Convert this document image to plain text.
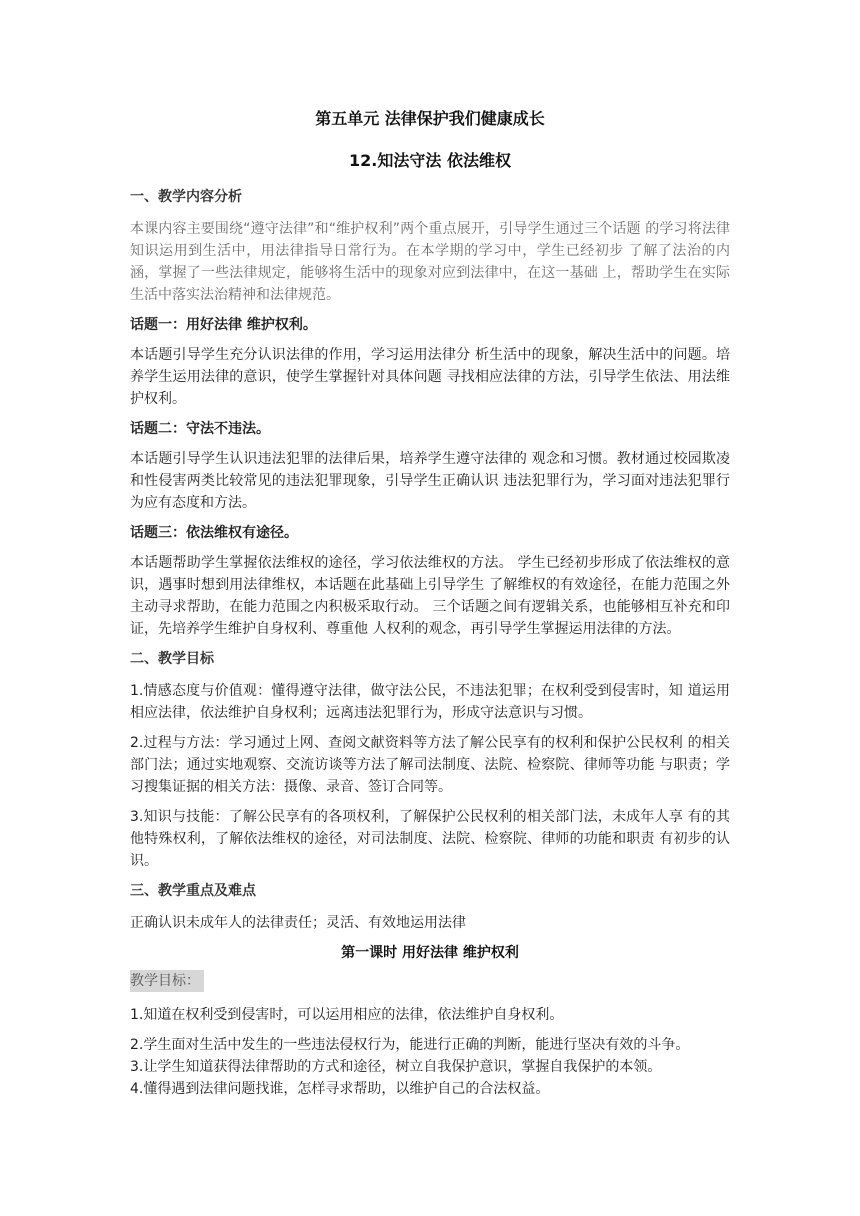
第五单元 法律保护我们健康成长
12.知法守法 依法维权
一、教学内容分析

本课内容主要围绕“遵守法律”和“维护权利”两个重点展开，引导学生通过三个话题 的学习将法律知识运用到生活中，用法律指导日常行为。在本学期的学习中，学生已经初步 了解了法治的内涵，掌握了一些法律规定，能够将生活中的现象对应到法律中，在这一基础 上，帮助学生在实际生活中落实法治精神和法律规范。

话题一：用好法律 维护权利。

本话题引导学生充分认识法律的作用，学习运用法律分 析生活中的现象，解决生活中的问题。培养学生运用法律的意识，使学生掌握针对具体问题 寻找相应法律的方法，引导学生依法、用法维护权利。

话题二：守法不违法。

本话题引导学生认识违法犯罪的法律后果，培养学生遵守法律的 观念和习惯。教材通过校园欺凌和性侵害两类比较常见的违法犯罪现象，引导学生正确认识 违法犯罪行为，学习面对违法犯罪行为应有态度和方法。

话题三：依法维权有途径。

本话题帮助学生掌握依法维权的途径，学习依法维权的方法。 学生已经初步形成了依法维权的意识，遇事时想到用法律维权，本话题在此基础上引导学生 了解维权的有效途径，在能力范围之外主动寻求帮助，在能力范围之内积极采取行动。 三个话题之间有逻辑关系，也能够相互补充和印证，先培养学生维护自身权利、尊重他 人权利的观念，再引导学生掌握运用法律的方法。

二、教学目标

1.情感态度与价值观：懂得遵守法律，做守法公民，不违法犯罪；在权利受到侵害时，知 道运用相应法律，依法维护自身权利；远离违法犯罪行为，形成守法意识与习惯。

2.过程与方法：学习通过上网、查阅文献资料等方法了解公民享有的权利和保护公民权利 的相关部门法；通过实地观察、交流访谈等方法了解司法制度、法院、检察院、律师等功能 与职责；学习搜集证据的相关方法：摄像、录音、签订合同等。

3.知识与技能：了解公民享有的各项权利，了解保护公民权利的相关部门法，未成年人享 有的其他特殊权利，了解依法维权的途径，对司法制度、法院、检察院、律师的功能和职责 有初步的认识。

三、教学重点及难点

正确认识未成年人的法律责任；灵活、有效地运用法律

第一课时 用好法律 维护权利
教学目标：

1.知道在权利受到侵害时，可以运用相应的法律，依法维护自身权利。

2.学生面对生活中发生的一些违法侵权行为，能进行正确的判断，能进行坚决有效的斗争。

3.让学生知道获得法律帮助的方式和途径，树立自我保护意识，掌握自我保护的本领。

4.懂得遇到法律问题找谁，怎样寻求帮助，以维护自己的合法权益。
